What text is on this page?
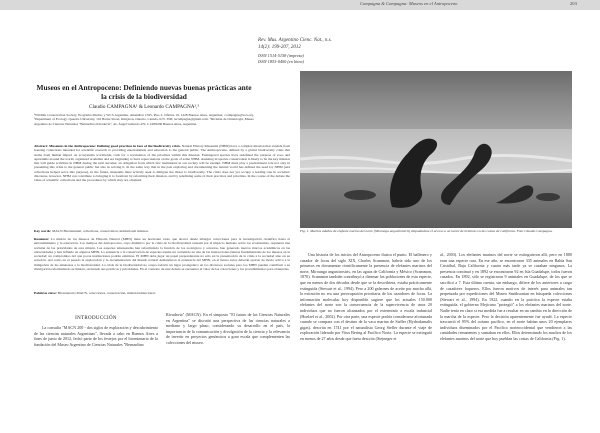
Campagna & Campagna: Museos en el Antropoceno	203
Rev. Mus. Argentino Cienc. Nat., n.s.
14(2): 199-207, 2012
ISSN 1514-5158 (impresa)
ISSN 1853-0400 (en línea)
Museos en el Antropoceno: Definiendo nuevas buenas prácticas ante la crisis de la biodiversidad
Claudio CAMPAGNA¹ & Leonardo CAMPAGNA²,³
¹Wildlife Conservation Society, Programa Marino y WCS Argentina, Amenábar 1595, Piso 2, Oficina 19, 1428 Buenos Aires, Argentina; ccampagna@wcs.org. ²Department of Ecology, Queen's University, 116 Barrie Street, Kingston, Ontario, Canada, K7L 3N6; lecampagna@gmail.com. ³División de Ornitología, Museo Argentino de Ciencias Naturales "Bernardino Rivadavia", Av. Ángel Gallardo 470, C1405DJR Buenos Aires, Argentina.
Fig. 1. Machos adultos de elefante marino del norte (Mirounga angustirostris) disputándose el acceso a un harén de hembras en las costas de California. Foto Claudio Campagna.
Abstract: Museums in the Anthropocene: Defining good practices in face of the biodiversity crisis. Natural History Museums (NHM) have a complex mission that extends from housing collections intended for scientific research to providing entertainment and education to the general public. The Anthropocene, defined by a global biodiversity crisis that stems from human impact on ecosystems worldwide, calls for a revaluation of the priorities within this mission. Endangered species have redefined the purpose of zoos and aquariums around the world, organized academia and are beginning to have repercussions on the goals of some NHM. Assisting in species conservation is likely to be the key mission that will guide activities in NHM during the next decades; an obligation from which few institutions in our society will be exempt. NHM must play a predominant role not only in presenting this crisis to the general public but also in solving it. In the same way that in the past exploring and documenting the natural world has defined the need for NHM (and collections helped serve this purpose), in the future, museums must actively seek to mitigate the threat to biodiversity. The crisis does not yet occupy a leading role in societies' discourse, however, NHM can contribute to bringing it to forefront by reforming their mission, and by redefining some of their practices and priorities. In the course of the debate the value of scientific collections and the procedures by which they are obtained.
Key words: MACN Bicentennial, collections, conservation, institutional mission.
Resumen: La misión de los museos de Historia Natural (MHN) tiene un horizonte vasto que abarca desde albergar colecciones para la investigación científica hasta el entretenimiento y la educación. Los tiempos del Antropoceno, cuyo distintivo por la crisis de la biodiversidad causada por el impacto humano sobre los ecosistemas, requieren una revisión de las prioridades de esta misión. Las especies amenazadas han reformulado la función de los zoológicos y acuarios, han generado nuevos marcos académicos en las universidades y han influido en algunos MHN. La asistencia a la conservación de especies asume un contenido en una de las interacciones futuras fundamentales de los museos en la sociedad; un compromiso del que pocas instituciones podrán eximirse. El MHN debe jugar un papel preponderante no sólo en la presentación de la crisis a la sociedad sino en su solución. Así como en el pasado la exploración y la documentación del mundo natural demandaron la existencia del MHN, en el futuro éstos deberán aportar de modo activo a la mitigación de las amenazas a la biodiversidad. La crisis de la biodiversidad no ocupa todavía un lugar protagónico en los discursos sociales pero los MHN pueden contribuir a su divulgación reformulando su misión, revisando sus prácticas y prioridades. En el contexto de este debate se encuentra el valor de las colecciones y los procedimientos para obtenerlas.
Palabras clave: Bicentenario MACN, colecciones, conservación, misión institucional.
INTRODUCCIÓN
La consulta "MACN 200 - dos siglos de exploración y descubrimiento de las ciencias naturales Argentinas", llevada a cabo en Buenos Aires a fines de junio de 2012, fechó parte de los festejos por el bicentenario de la fundación del Museo Argentino de Ciencias Naturales "Bernardino
Rivadavia" (MACN). En el simposio "El futuro de las Ciencias Naturales en Argentina" se discutió una perspectiva de las ciencias naturales a mediano y largo plazo, considerando su desarrollo en el país, la importancia de la comunicación y divulgación de la ciencia y la relevancia de invertir en proyectos genómicos a gran escala que complementen las colecciones del museo.
Una historia de los inicios del Antropoceno ilustra el punto. El ballenero y cazador de focas del siglo XIX, Charles Scammon, habría sido uno de los primeros en documentar científicamente la presencia de elefantes marinos del norte, Mirounga angustirostris, en las aguas de California y México (Scammon, 1870). Scammon también contribuyó a diezmar las poblaciones de esta especie, que en menos de dos décadas desde que se la describiera, estaba prácticamente extinguida (Stewart et al., 1994). Pero a 200 galeones de aceite por mucho allá, la extinción no era una preocupación prioritaria de los cazadores de focas. La información molecular hoy disponible sugiere que los actuales 150.000 elefantes del norte son la consecuencia de la supervivencia de unos 20 individuos que no fueron alcanzados por el exterminio a escala industrial (Hoelzel et al., 2002). Por otra parte, una especie podría considerarse afortunada cuando se compara con el destino de la vaca marina de Steller (Hydrodamalis gigas), descrita en 1741 por el naturalista Georg Steller durante el viaje de exploración liderado por Vitus Bering al Pacífico Norte. La especie se extinguió en menos de 27 años desde que fuera descrita (Stejneger et
al., 2003). Los elefantes marinos del norte se extinguieron allí, pero en 1880 eran una especie rara. En ese año, se encontraron 335 animales en Bahía San Cristóbal, Baja California y cuatro más tarde ya se cazaban ningunos. La presencia continuó y en 1892 se encontraron 92 en Isla Guadalupe, todos fueron cazados. En 1892, sólo se registraron 9 animales en Guadalupe, de los que se sacrificó a 7. Esta última cuenta, sin embargo, difiere de los anteriores a cargo de cazadores foqueros. Ellos fueron motivos de interés para animales tan perpetuada por expediciones del Museo Smithsonian en búsqueda colecciones (Stewart et al., 1994). En 1922, cuando en la práctica la especie estaba extinguida, el gobierno Mejicano "protegió" a los elefantes marinos del norte. Nadie tenía en claro si esa medida fue a resultar en un cambio en la dirección de la marcha de la especie. Pero la decisión aparentemente fue ayudó. La especie trascurrió el 95% del océano pacífico, en el norte habían unos 20 ejemplares individuos diseminados por el Pacífico norteoccidental que vendieron a las cantidades remanentes y sumaban en ellos. Ellos determinado los machos de los elefantes marinos del norte que hoy pueblan las costas de California (Fig. 1).
